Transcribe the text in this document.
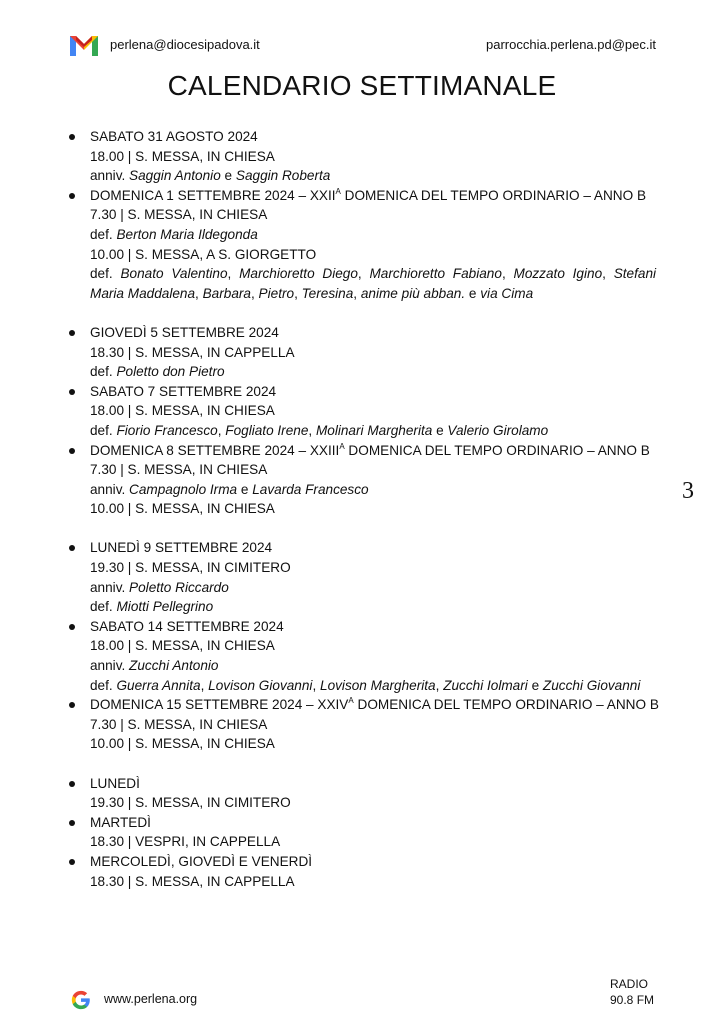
perlena@diocesipadova.it	parrocchia.perlena.pd@pec.it
CALENDARIO SETTIMANALE
SABATO 31 AGOSTO 2024
18.00 | S. MESSA, IN CHIESA
anniv. Saggin Antonio e Saggin Roberta
DOMENICA 1 SETTEMBRE $2024 - XXII^A$ DOMENICA DEL TEMPO ORDINARIO – ANNO B
7.30 | S. MESSA, IN CHIESA
def. Berton Maria Ildegonda
10.00 | S. MESSA, A S. GIORGETTO
def. Bonato Valentino, Marchioretto Diego, Marchioretto Fabiano, Mozzato Igino, Stefani Maria Maddalena, Barbara, Pietro, Teresina, anime più abban. e via Cima
GIOVEDÌ 5 SETTEMBRE 2024
18.30 | S. MESSA, IN CAPPELLA
def. Poletto don Pietro
SABATO 7 SETTEMBRE 2024
18.00 | S. MESSA, IN CHIESA
def. Fiorio Francesco, Fogliato Irene, Molinari Margherita e Valerio Girolamo
DOMENICA 8 SETTEMBRE $2024 - XXIII^A$ DOMENICA DEL TEMPO ORDINARIO – ANNO B
7.30 | S. MESSA, IN CHIESA
anniv. Campagnolo Irma e Lavarda Francesco
10.00 | S. MESSA, IN CHIESA
LUNEDÌ 9 SETTEMBRE 2024
19.30 | S. MESSA, IN CIMITERO
anniv. Poletto Riccardo
def. Miotti Pellegrino
SABATO 14 SETTEMBRE 2024
18.00 | S. MESSA, IN CHIESA
anniv. Zucchi Antonio
def. Guerra Annita, Lovison Giovanni, Lovison Margherita, Zucchi Iolmari e Zucchi Giovanni
DOMENICA 15 SETTEMBRE $2024 - XXIV^A$ DOMENICA DEL TEMPO ORDINARIO – ANNO B
7.30 | S. MESSA, IN CHIESA
10.00 | S. MESSA, IN CHIESA
LUNEDÌ
19.30 | S. MESSA, IN CIMITERO
MARTEDÌ
18.30 | VESPRI, IN CAPPELLA
MERCOLEDÌ, GIOVEDÌ E VENERDÌ
18.30 | S. MESSA, IN CAPPELLA
3
www.perlena.org
RADIO
90.8 FM
